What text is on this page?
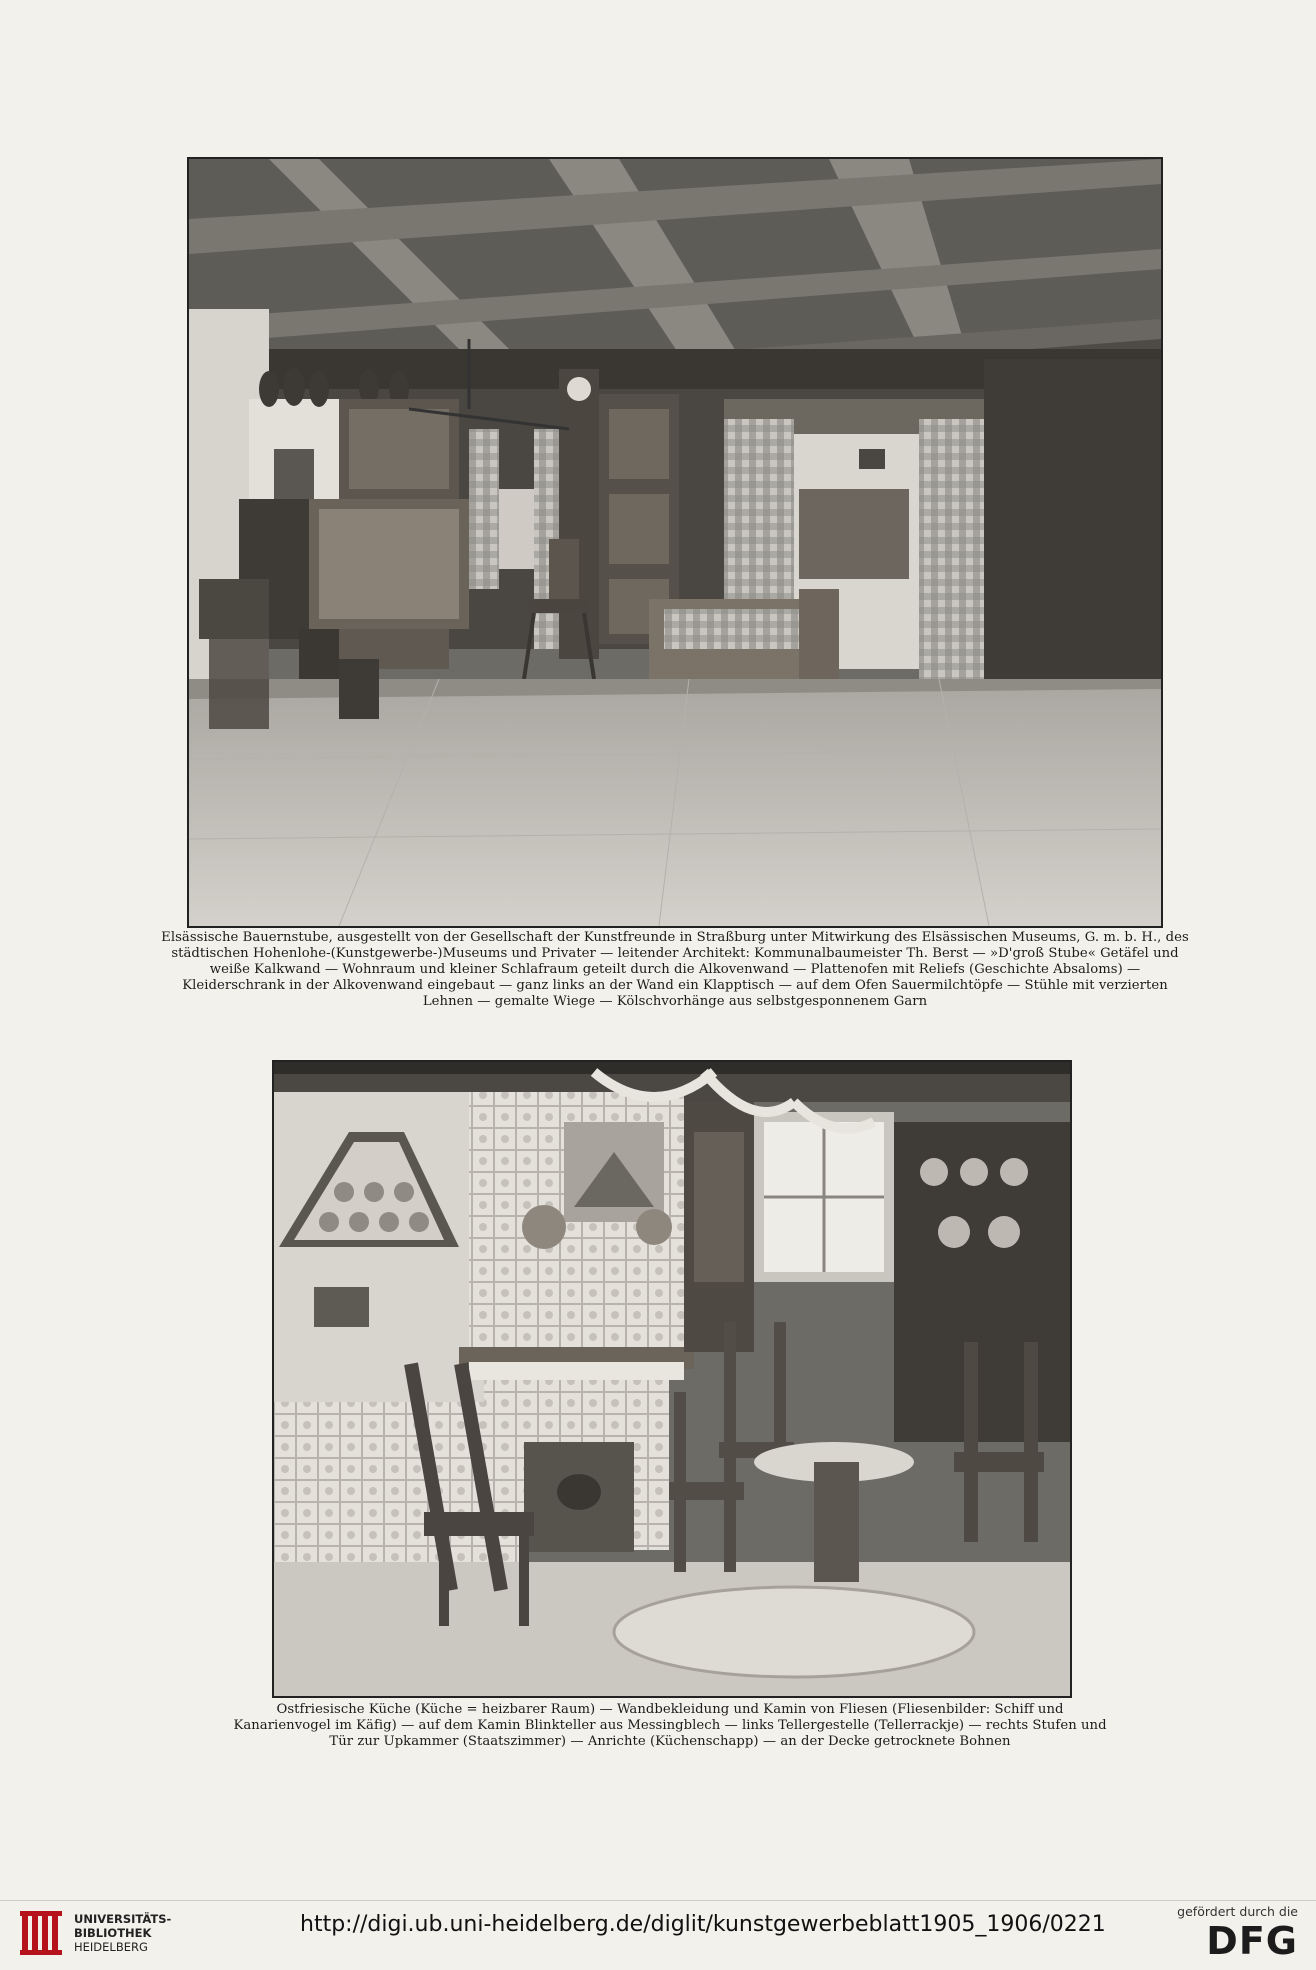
Elsässische Bauernstube, ausgestellt von der Gesellschaft der Kunstfreunde in Straßburg unter Mitwirkung des Elsässischen Museums, G. m. b. H., des städtischen Hohenlohe-(Kunstgewerbe-)Museums und Privater — leitender Architekt: Kommunalbaumeister Th. Berst — »D'groß Stube« Getäfel und weiße Kalkwand — Wohnraum und kleiner Schlafraum geteilt durch die Alkovenwand — Plattenofen mit Reliefs (Geschichte Absaloms) — Kleiderschrank in der Alkovenwand eingebaut — ganz links an der Wand ein Klapptisch — auf dem Ofen Sauermilchtöpfe — Stühle mit verzierten Lehnen — gemalte Wiege — Kölschvorhänge aus selbstgesponnenem Garn
Ostfriesische Küche (Küche = heizbarer Raum) — Wandbekleidung und Kamin von Fliesen (Fliesenbilder: Schiff und Kanarienvogel im Käfig) — auf dem Kamin Blinkteller aus Messingblech — links Tellergestelle (Tellerrackje) — rechts Stufen und Tür zur Upkammer (Staatszimmer) — Anrichte (Küchenschapp) — an der Decke getrocknete Bohnen
UNIVERSITÄTS-
BIBLIOTHEK
HEIDELBERG
http://digi.ub.uni-heidelberg.de/diglit/kunstgewerbeblatt1905_1906/0221
gefördert durch die
DFG
